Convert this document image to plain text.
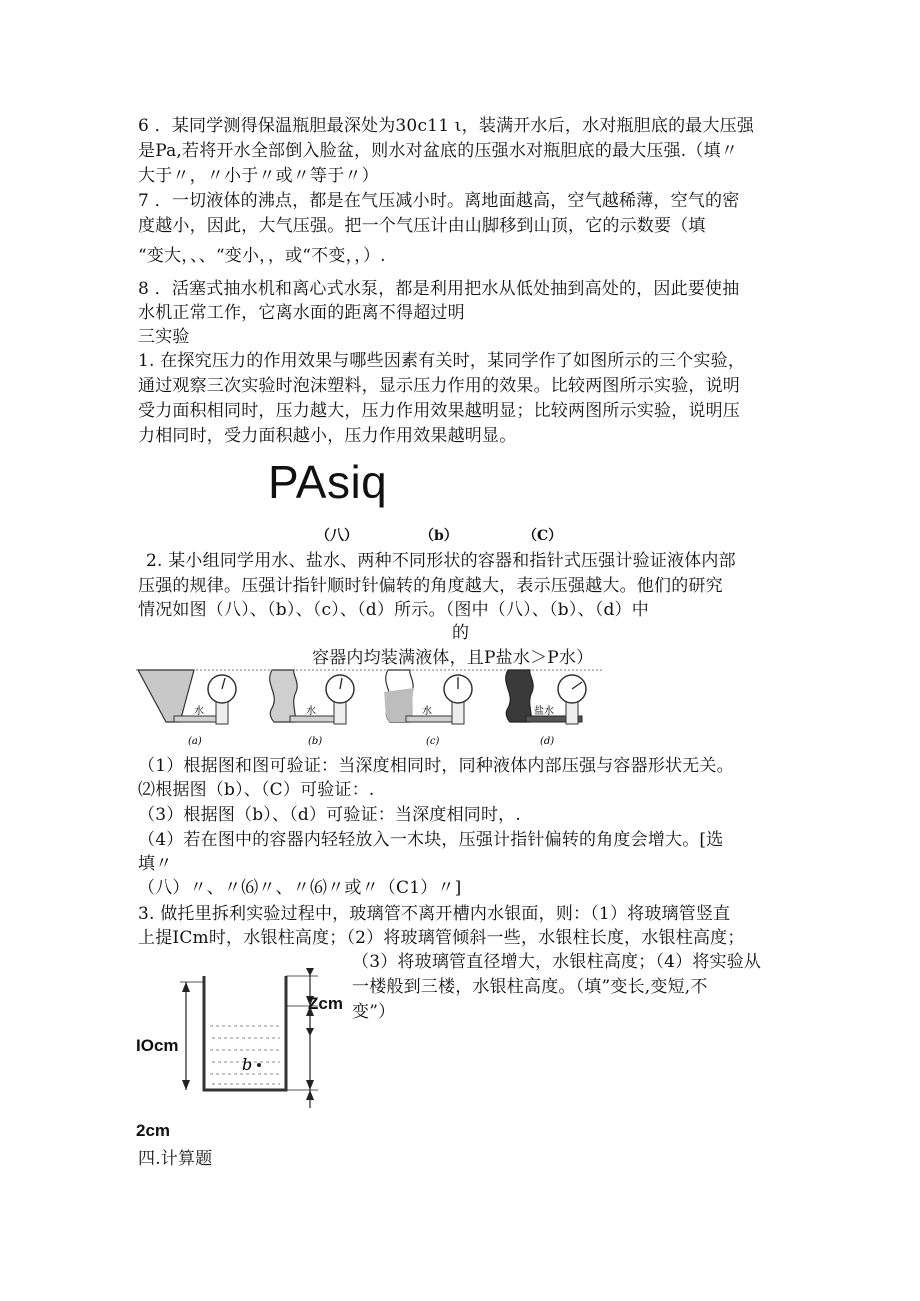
6 ．某同学测得保温瓶胆最深处为30c11 ι，装满开水后，水对瓶胆底的最大压强
是Pa,若将开水全部倒入脸盆，则水对盆底的压强水对瓶胆底的最大压强.（填〃
大于〃，〃小于〃或〃等于〃）
7 ．一切液体的沸点，都是在气压减小时。离地面越高，空气越稀薄，空气的密
度越小，因此，大气压强。把一个气压计由山脚移到山顶，它的示数要（填
“变大，、、“变小，，或“不变，，）.
8 ．活塞式抽水机和离心式水泵，都是利用把水从低处抽到高处的，因此要使抽
水机正常工作，它离水面的距离不得超过明
三实验
1. 在探究压力的作用效果与哪些因素有关时，某同学作了如图所示的三个实验，
通过观察三次实验时泡沫塑料，显示压力作用的效果。比较两图所示实验，说明
受力面积相同时，压力越大，压力作用效果越明显；比较两图所示实验，说明压
力相同时，受力面积越小，压力作用效果越明显。
PAsiq
（八）	（b）	（C）
2. 某小组同学用水、盐水、两种不同形状的容器和指针式压强计验证液体内部
压强的规律。压强计指针顺时针偏转的角度越大，表示压强越大。他们的研究
情况如图（八）、（b）、（c）、（d）所示。（图中（八）、（b）、（d）中
的
容器内均装满液体，且P盐水＞P水）
水
(a)
水
(b)
水
(c)
盐水
(d)
（1）根据图和图可验证：当深度相同时，同种液体内部压强与容器形状无关。
⑵根据图（b）、（C）可验证：.
（3）根据图（b）、（d）可验证：当深度相同时，.
（4）若在图中的容器内轻轻放入一木块，压强计指针偏转的角度会增大。[选
填〃
（八）〃、〃⑹〃、〃⑹〃或〃（C1）〃]
3. 做托里拆利实验过程中，玻璃管不离开槽内水银面，则：（1）将玻璃管竖直
上提ICm时，水银柱高度；（2）将玻璃管倾斜一些，水银柱长度，水银柱高度；
（3）将玻璃管直径增大，水银柱高度；（4）将实验从
一楼般到三楼，水银柱高度。（填”变长,变短,不
变”）
b
Zcm
IOcm
2cm
四.计算题
